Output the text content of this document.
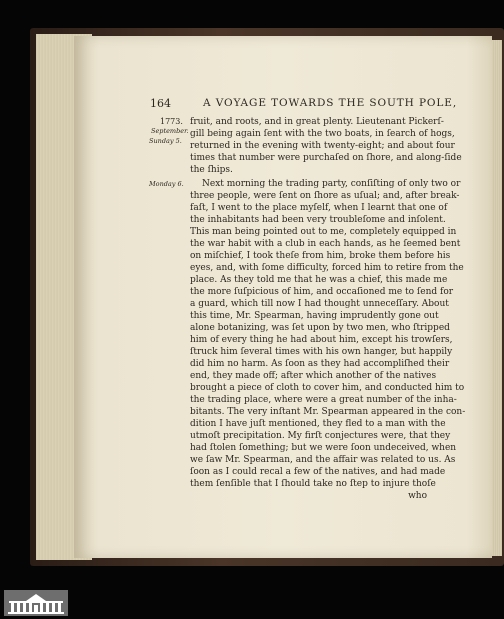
164	A VOYAGE TOWARDS THE SOUTH POLE,
1773.
September.
Sunday 5.
Monday 6.
fruit, and roots, and in great plenty. Lieutenant Pickerſ-
gill being again ſent with the two boats, in ſearch of hogs,
returned in the evening with twenty-eight; and about four
times that number were purchaſed on ſhore, and along-ſide
the ſhips.
Next morning the trading party, conſiſting of only two or
three people, were ſent on ſhore as uſual; and, after break-
faſt, I went to the place myſelf, when I learnt that one of
the inhabitants had been very troubleſome and inſolent.
This man being pointed out to me, completely equipped in
the war habit with a club in each hands, as he ſeemed bent
on miſchief, I took theſe from him, broke them before his
eyes, and, with ſome difficulty, forced him to retire from the
place. As they told me that he was a chief, this made me
the more ſuſpicious of him, and occaſioned me to ſend for
a guard, which till now I had thought unneceſſary. About
this time, Mr. Spearman, having imprudently gone out
alone botanizing, was ſet upon by two men, who ſtripped
him of every thing he had about him, except his trowſers,
ſtruck him ſeveral times with his own hanger, but happily
did him no harm. As ſoon as they had accompliſhed their
end, they made off; after which another of the natives
brought a piece of cloth to cover him, and conducted him to
the trading place, where were a great number of the inha-
bitants. The very inſtant Mr. Spearman appeared in the con-
dition I have juſt mentioned, they fled to a man with the
utmoſt precipitation. My firſt conjectures were, that they
had ſtolen ſomething; but we were ſoon undeceived, when
we ſaw Mr. Spearman, and the affair was related to us. As
ſoon as I could recal a few of the natives, and had made
them ſenſible that I ſhould take no ſtep to injure thoſe
who
